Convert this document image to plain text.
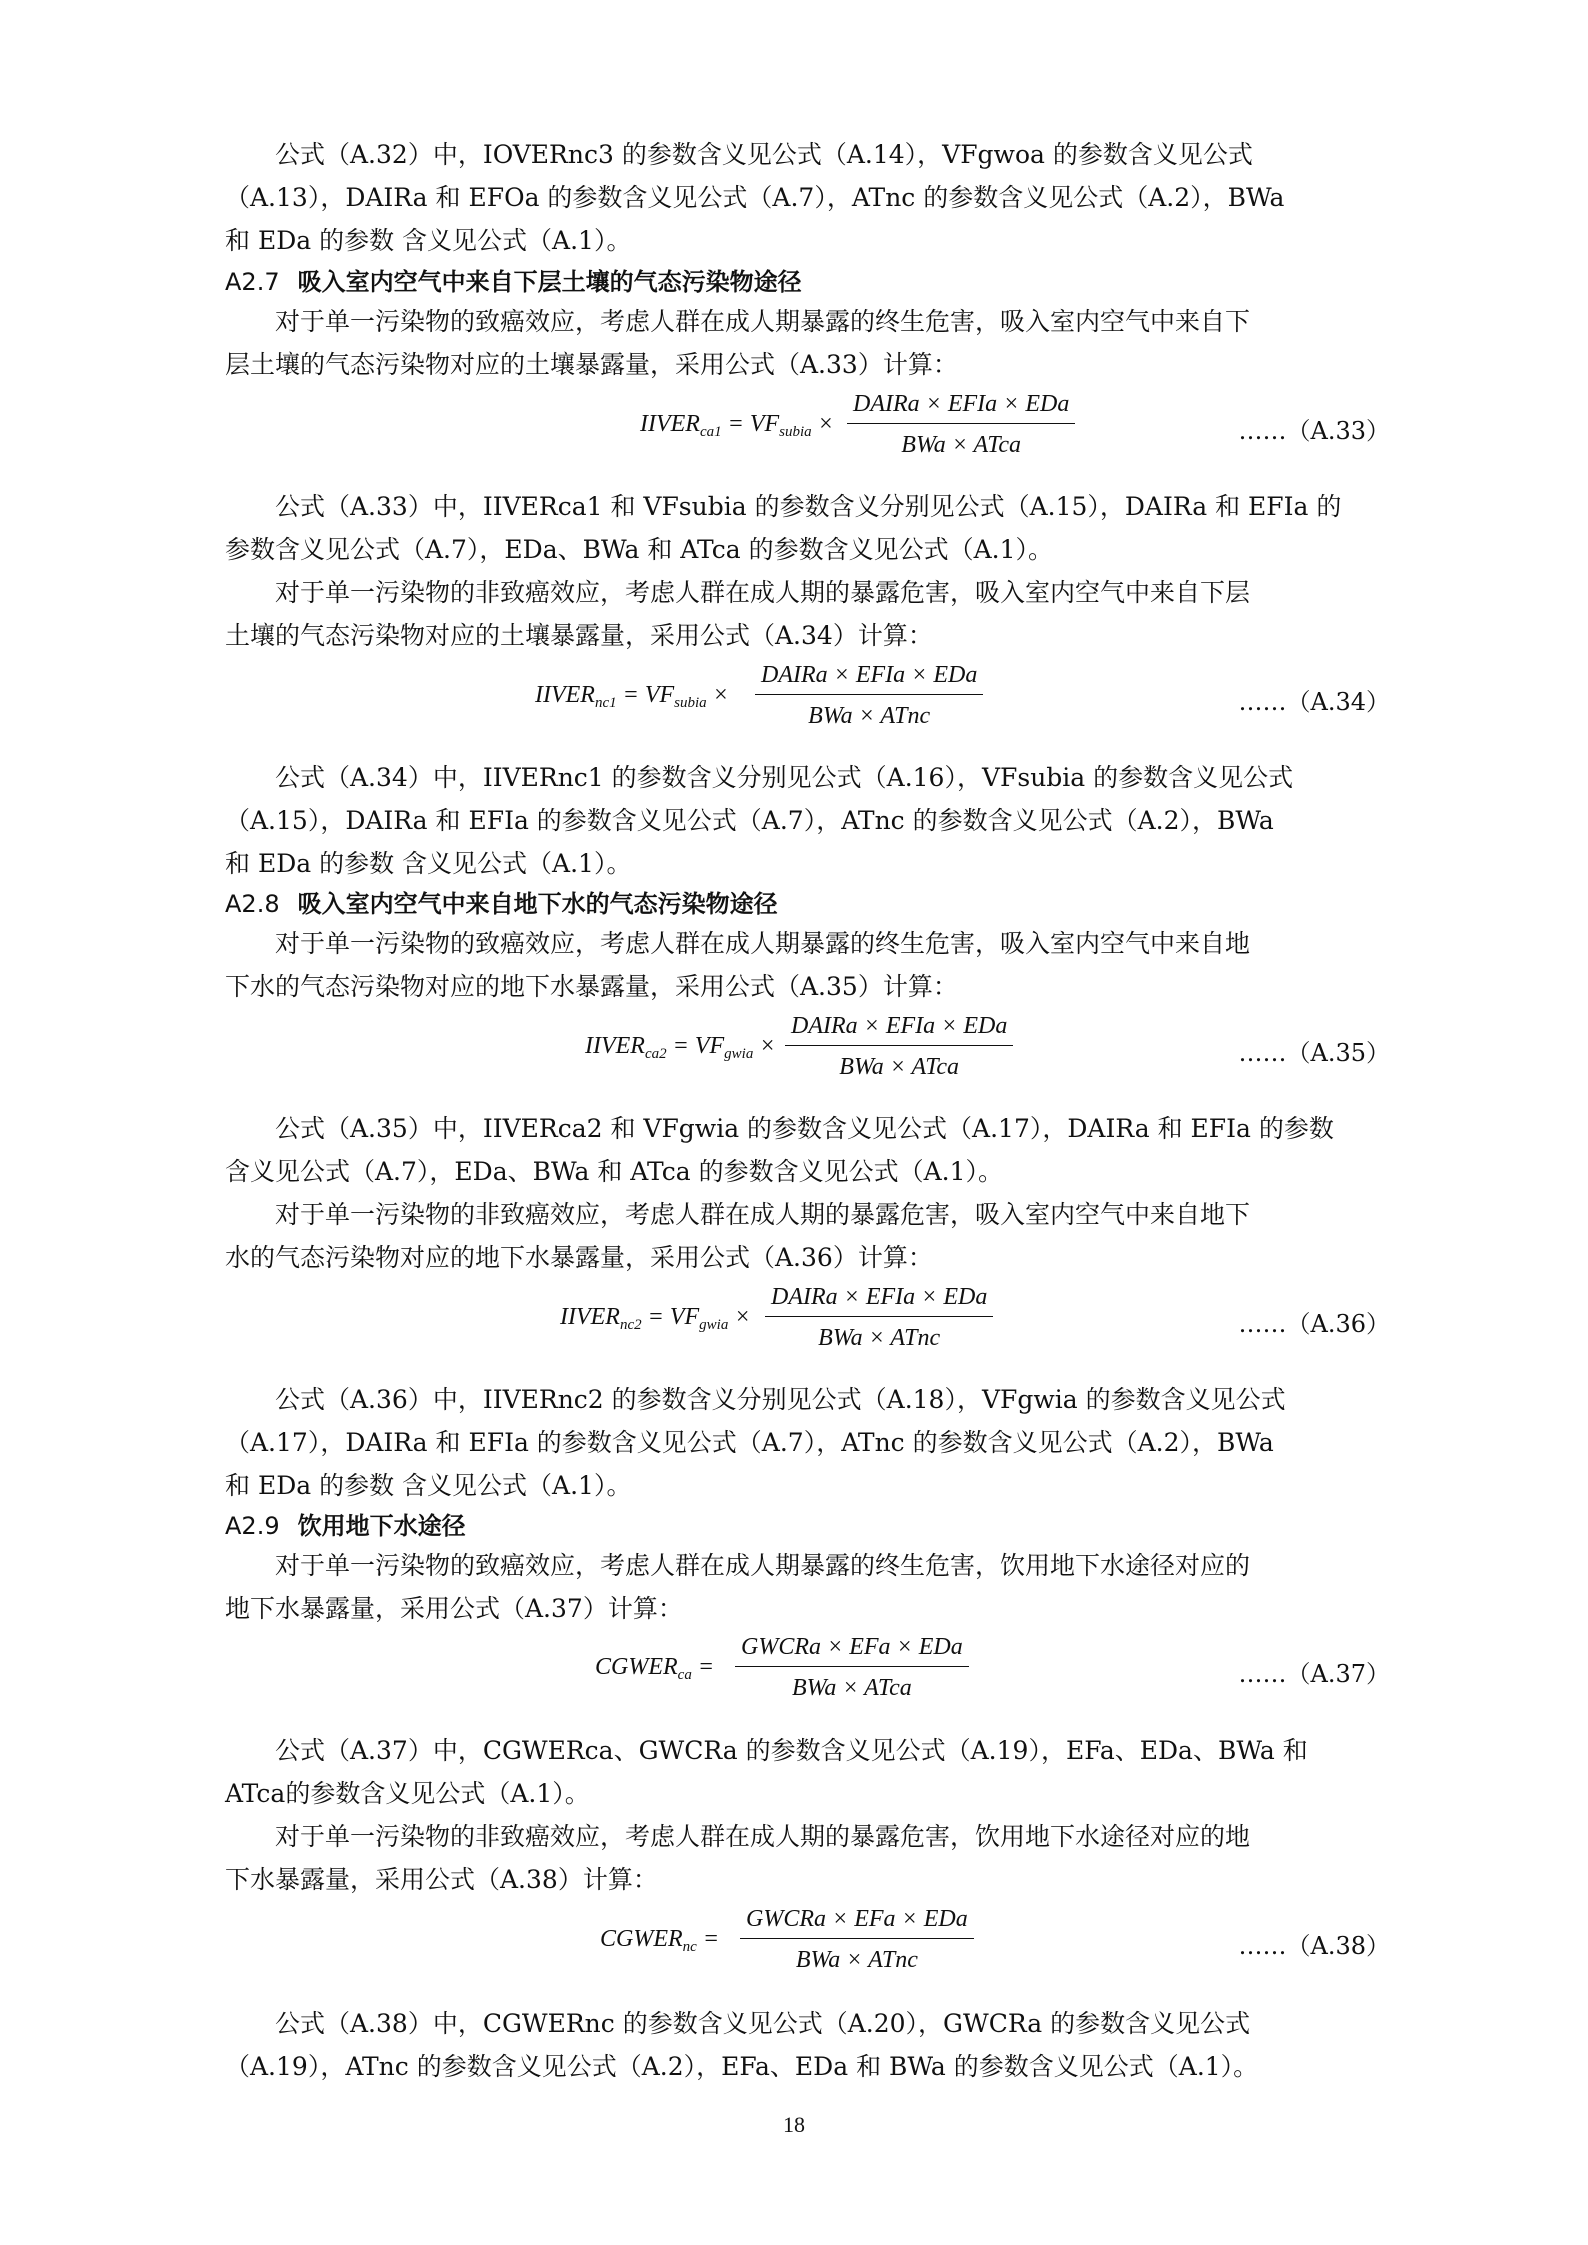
公式（A.32）中，IOVERnc3 的参数含义见公式（A.14），VFgwoa 的参数含义见公式
（A.13），DAIRa 和 EFOa 的参数含义见公式（A.7），ATnc 的参数含义见公式（A.2），BWa
和 EDa 的参数 含义见公式（A.1）。

A2.7 吸入室内空气中来自下层土壤的气态污染物途径

对于单一污染物的致癌效应，考虑人群在成人期暴露的终生危害，吸入室内空气中来自下
层土壤的气态污染物对应的土壤暴露量，采用公式（A.33）计算：

$IIVER_{ca1} = VF_{subia}$ ×
DAIRa × EFIa × EDa
BWa × ATca	……（A.33）

公式（A.33）中，IIVERca1 和 VFsubia 的参数含义分别见公式（A.15），DAIRa 和 EFIa 的
参数含义见公式（A.7），EDa、BWa 和 ATca 的参数含义见公式（A.1）。

对于单一污染物的非致癌效应，考虑人群在成人期的暴露危害，吸入室内空气中来自下层
土壤的气态污染物对应的土壤暴露量，采用公式（A.34）计算：

$IIVER_{nc1} = VF_{subia}$ ×
DAIRa × EFIa × EDa
BWa × ATnc	……（A.34）

公式（A.34）中，IIVERnc1 的参数含义分别见公式（A.16），VFsubia 的参数含义见公式
（A.15），DAIRa 和 EFIa 的参数含义见公式（A.7），ATnc 的参数含义见公式（A.2），BWa
和 EDa 的参数 含义见公式（A.1）。

A2.8 吸入室内空气中来自地下水的气态污染物途径

对于单一污染物的致癌效应，考虑人群在成人期暴露的终生危害，吸入室内空气中来自地
下水的气态污染物对应的地下水暴露量，采用公式（A.35）计算：

$IIVER_{ca2} = VF_{gwia}$ ×
DAIRa × EFIa × EDa
BWa × ATca	……（A.35）

公式（A.35）中，IIVERca2 和 VFgwia 的参数含义见公式（A.17），DAIRa 和 EFIa 的参数
含义见公式（A.7），EDa、BWa 和 ATca 的参数含义见公式（A.1）。

对于单一污染物的非致癌效应，考虑人群在成人期的暴露危害，吸入室内空气中来自地下
水的气态污染物对应的地下水暴露量，采用公式（A.36）计算：

$IIVER_{nc2} = VF_{gwia}$ ×
DAIRa × EFIa × EDa
BWa × ATnc	……（A.36）

公式（A.36）中，IIVERnc2 的参数含义分别见公式（A.18），VFgwia 的参数含义见公式
（A.17），DAIRa 和 EFIa 的参数含义见公式（A.7），ATnc 的参数含义见公式（A.2），BWa
和 EDa 的参数 含义见公式（A.1）。

A2.9 饮用地下水途径

对于单一污染物的致癌效应，考虑人群在成人期暴露的终生危害，饮用地下水途径对应的
地下水暴露量，采用公式（A.37）计算：

$CGWER_{ca}$ =
GWCRa × EFa × EDa
BWa × ATca	……（A.37）

公式（A.37）中，CGWERca、GWCRa 的参数含义见公式（A.19），EFa、EDa、BWa 和
ATca的参数含义见公式（A.1）。

对于单一污染物的非致癌效应，考虑人群在成人期的暴露危害，饮用地下水途径对应的地
下水暴露量，采用公式（A.38）计算：

$CGWER_{nc}$ =
GWCRa × EFa × EDa
BWa × ATnc	……（A.38）

公式（A.38）中，CGWERnc 的参数含义见公式（A.20），GWCRa 的参数含义见公式
（A.19），ATnc 的参数含义见公式（A.2），EFa、EDa 和 BWa 的参数含义见公式（A.1）。

18
